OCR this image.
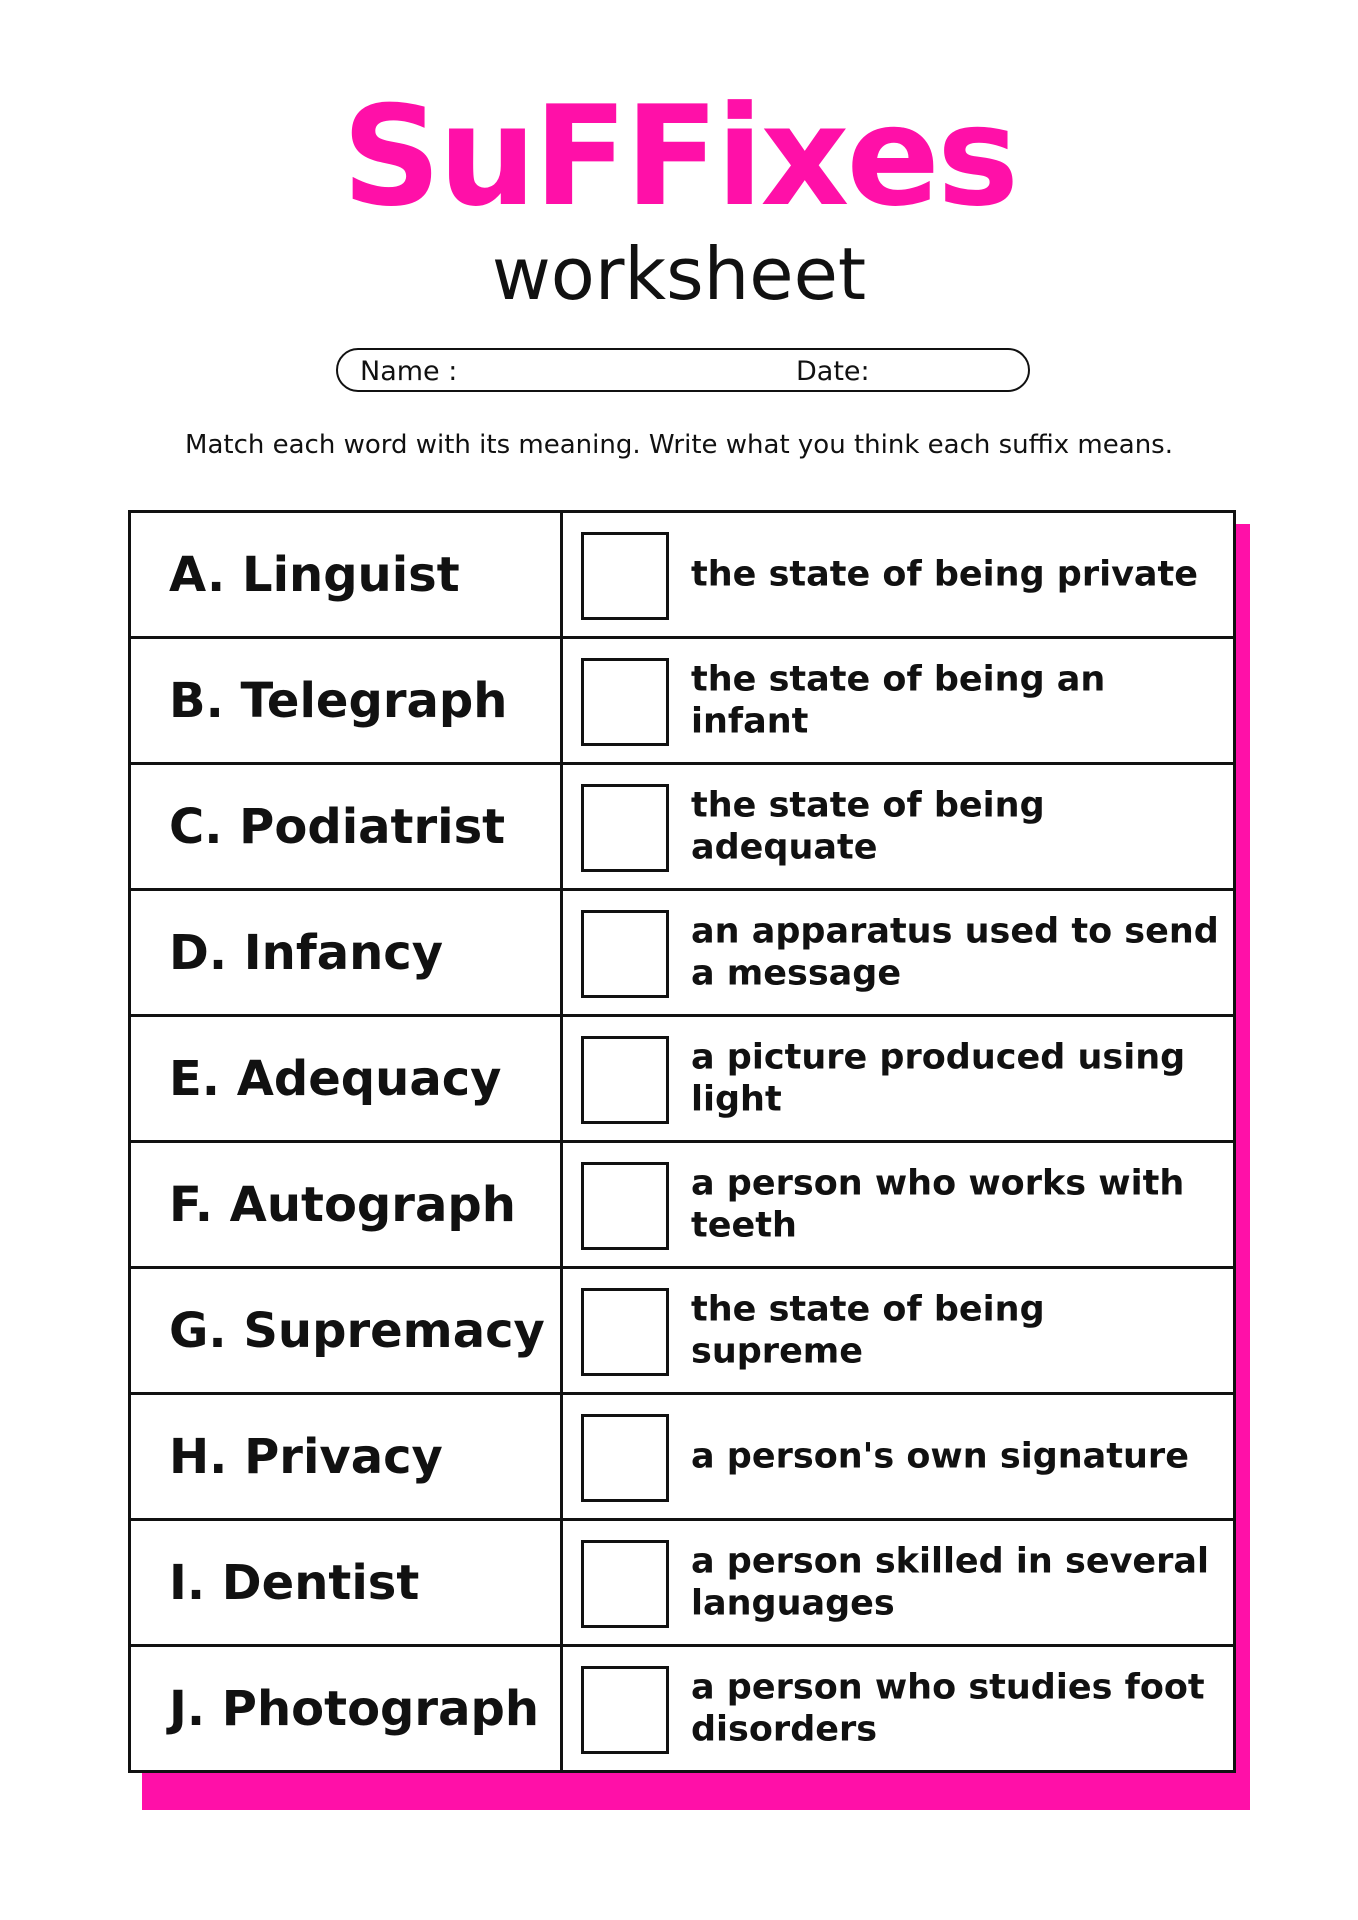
SuFFixes
worksheet
Name :	Date:

Match each word with its meaning. Write what you think each suffix means.

A. Linguist	the state of being private

B. Telegraph	the state of being an infant

C. Podiatrist	the state of being adequate

D. Infancy	an apparatus used to send a message

E. Adequacy	a picture produced using light

F. Autograph	a person who works with teeth

G. Supremacy	the state of being supreme

H. Privacy	a person's own signature

I. Dentist	a person skilled in several languages

J. Photograph	a person who studies foot disorders
